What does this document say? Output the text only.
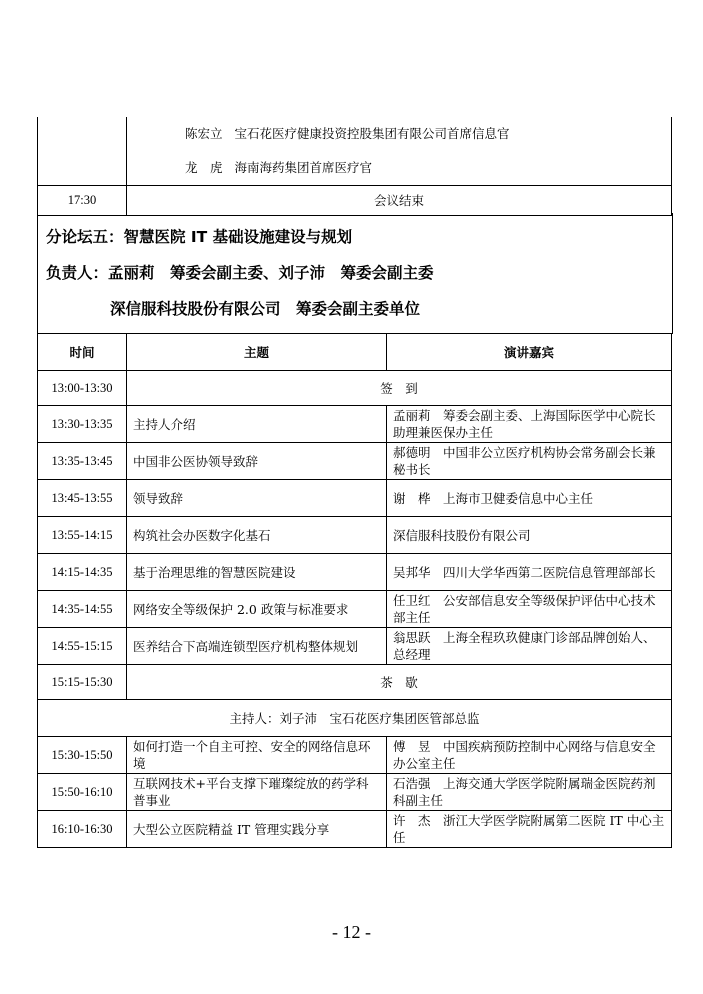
	陈宏立 宝石花医疗健康投资控股集团有限公司首席信息官
龙　虎 海南海药集团首席医疗官

17:30	会议结束
分论坛五：智慧医院 IT 基础设施建设与规划
负责人：孟丽莉　筹委会副主委、刘子沛　筹委会副主委
深信服科技股份有限公司　筹委会副主委单位
时间	主题	演讲嘉宾
13:00-13:30	签　到	
13:30-13:35	主持人介绍	孟丽莉　筹委会副主委、上海国际医学中心院长助理兼医保办主任
13:35-13:45	中国非公医协领导致辞	郝德明　中国非公立医疗机构协会常务副会长兼秘书长
13:45-13:55	领导致辞	谢　桦　上海市卫健委信息中心主任
13:55-14:15	构筑社会办医数字化基石	深信服科技股份有限公司
14:15-14:35	基于治理思维的智慧医院建设	吴邦华　四川大学华西第二医院信息管理部部长
14:35-14:55	网络安全等级保护 2.0 政策与标准要求	任卫红　公安部信息安全等级保护评估中心技术部主任
14:55-15:15	医养结合下高端连锁型医疗机构整体规划	翁思跃　上海全程玖玖健康门诊部品牌创始人、总经理
15:15-15:30	茶　歇	
主持人：刘子沛　宝石花医疗集团医管部总监		
15:30-15:50	如何打造一个自主可控、安全的网络信息环境	傅　昱　中国疾病预防控制中心网络与信息安全办公室主任
15:50-16:10	互联网技术+平台支撑下璀璨绽放的药学科普事业	石浩强　上海交通大学医学院附属瑞金医院药剂科副主任
16:10-16:30	大型公立医院精益 IT 管理实践分享	许　杰　浙江大学医学院附属第二医院 IT 中心主任
- 12 -
